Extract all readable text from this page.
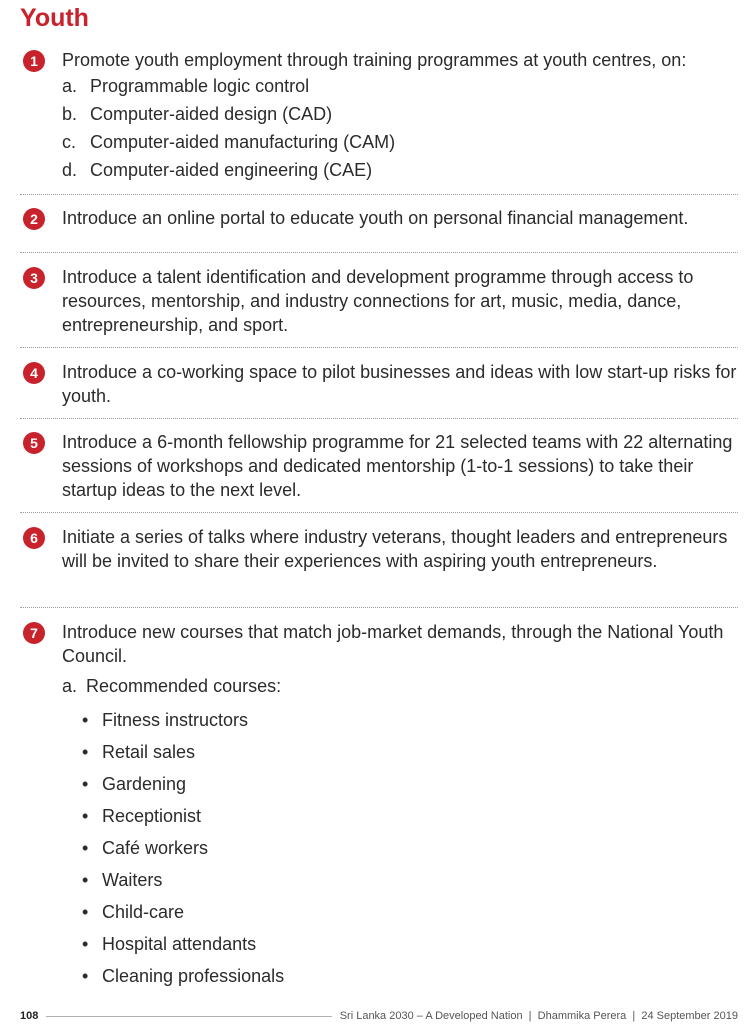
Youth
1	Promote youth employment through training programmes at youth centres, on:
a. Programmable logic control
b. Computer-aided design (CAD)
c. Computer-aided manufacturing (CAM)
d. Computer-aided engineering (CAE)
2	Introduce an online portal to educate youth on personal financial management.
3	Introduce a talent identification and development programme through access to resources, mentorship, and industry connections for art, music, media, dance, entrepreneurship, and sport.
4	Introduce a co-working space to pilot businesses and ideas with low start-up risks for youth.
5	Introduce a 6-month fellowship programme for 21 selected teams with 22 alternating sessions of workshops and dedicated mentorship (1-to-1 sessions) to take their startup ideas to the next level.
6	Initiate a series of talks where industry veterans, thought leaders and entrepreneurs will be invited to share their experiences with aspiring youth entrepreneurs.
7	Introduce new courses that match job-market demands, through the National Youth Council.
a. Recommended courses:
• Fitness instructors
• Retail sales
• Gardening
• Receptionist
• Café workers
• Waiters
• Child-care
• Hospital attendants
• Cleaning professionals
108	Sri Lanka 2030 – A Developed Nation  |  Dhammika Perera  |  24 September 2019
